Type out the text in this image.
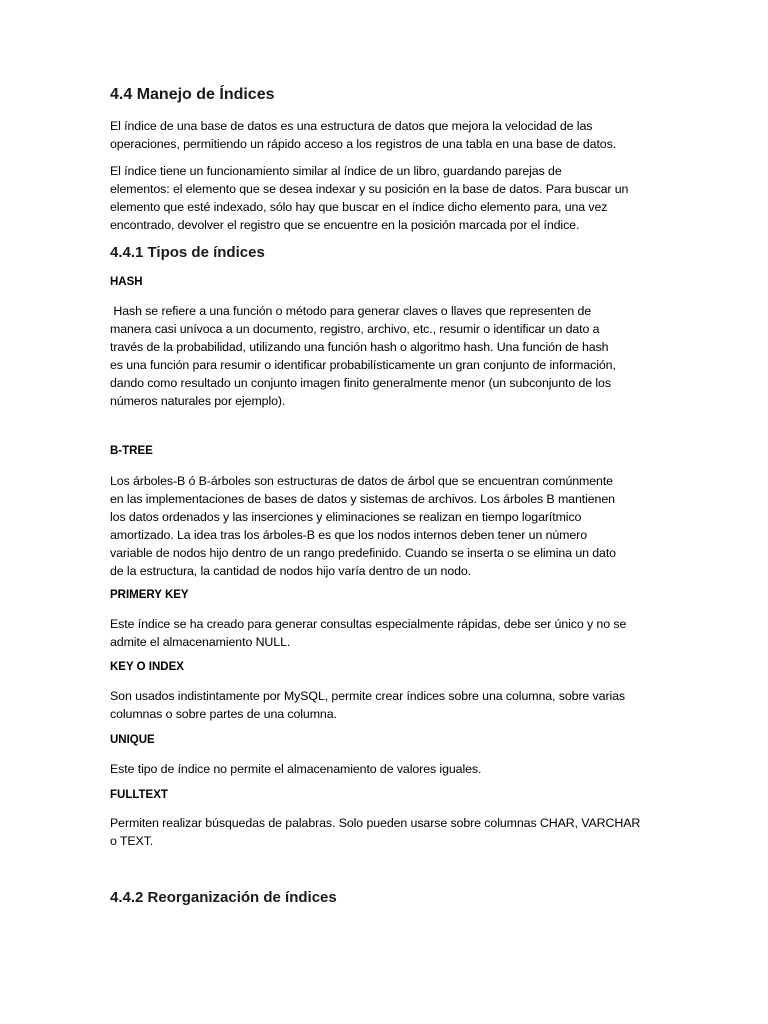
4.4 Manejo de Índices
El índice de una base de datos es una estructura de datos que mejora la velocidad de las
operaciones, permitiendo un rápido acceso a los registros de una tabla en una base de datos.
El índice tiene un funcionamiento similar al índice de un libro, guardando parejas de
elementos: el elemento que se desea indexar y su posición en la base de datos. Para buscar un
elemento que esté indexado, sólo hay que buscar en el índice dicho elemento para, una vez
encontrado, devolver el registro que se encuentre en la posición marcada por el índice.
4.4.1 Tipos de índices
HASH
Hash se refiere a una función o método para generar claves o llaves que representen de
manera casi unívoca a un documento, registro, archivo, etc., resumir o identificar un dato a
través de la probabilidad, utilizando una función hash o algoritmo hash. Una función de hash
es una función para resumir o identificar probabilísticamente un gran conjunto de información,
dando como resultado un conjunto imagen finito generalmente menor (un subconjunto de los
números naturales por ejemplo).
B-TREE
Los árboles-B ó B-árboles son estructuras de datos de árbol que se encuentran comúnmente
en las implementaciones de bases de datos y sistemas de archivos. Los árboles B mantienen
los datos ordenados y las inserciones y eliminaciones se realizan en tiempo logarítmico
amortizado. La idea tras los árboles-B es que los nodos internos deben tener un número
variable de nodos hijo dentro de un rango predefinido. Cuando se inserta o se elimina un dato
de la estructura, la cantidad de nodos hijo varía dentro de un nodo.
PRIMERY KEY
Este índice se ha creado para generar consultas especialmente rápidas, debe ser único y no se
admite el almacenamiento NULL.
KEY O INDEX
Son usados indistintamente por MySQL, permite crear índices sobre una columna, sobre varias
columnas o sobre partes de una columna.
UNIQUE
Este tipo de índice no permite el almacenamiento de valores iguales.
FULLTEXT
Permiten realizar búsquedas de palabras. Solo pueden usarse sobre columnas CHAR, VARCHAR
o TEXT.
4.4.2 Reorganización de índices
